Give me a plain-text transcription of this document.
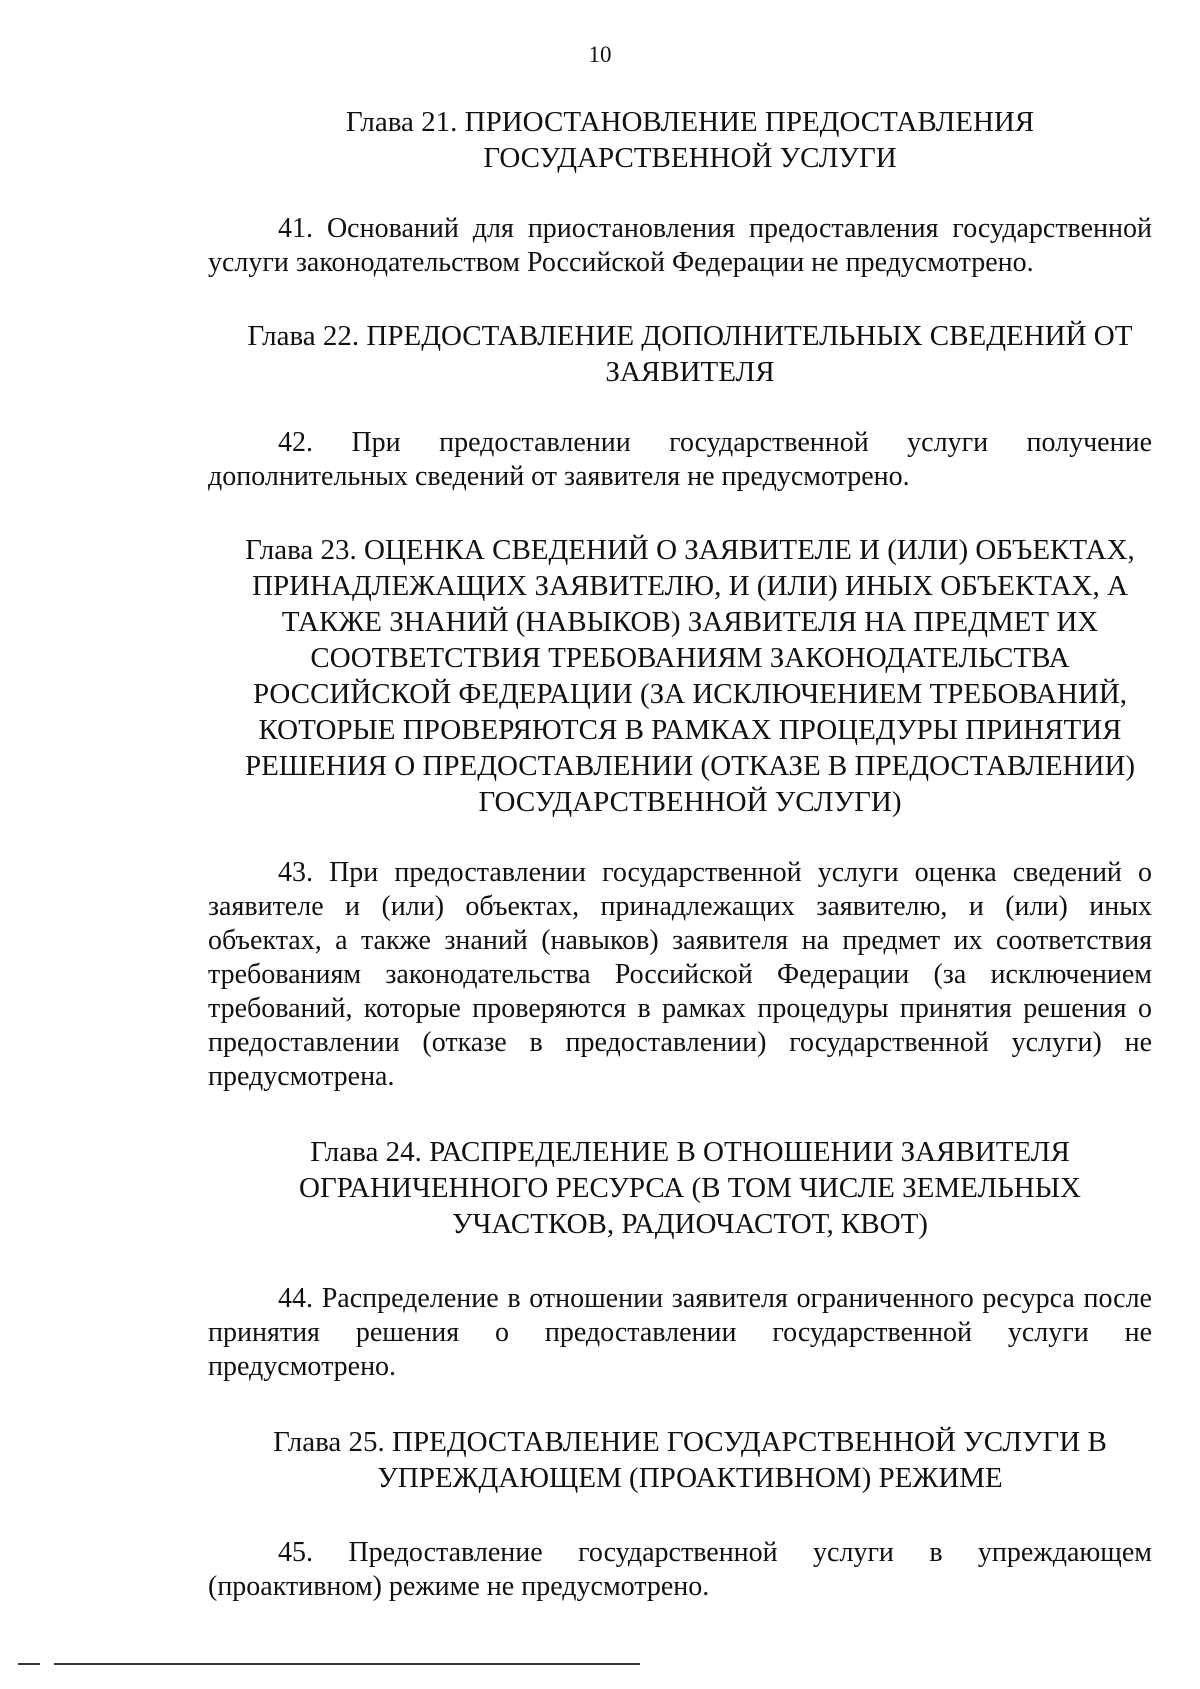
10
Глава 21. ПРИОСТАНОВЛЕНИЕ ПРЕДОСТАВЛЕНИЯ ГОСУДАРСТВЕННОЙ УСЛУГИ

41. Оснований для приостановления предоставления государственной услуги законодательством Российской Федерации не предусмотрено.

Глава 22. ПРЕДОСТАВЛЕНИЕ ДОПОЛНИТЕЛЬНЫХ СВЕДЕНИЙ ОТ ЗАЯВИТЕЛЯ

42. При предоставлении государственной услуги получение дополнительных сведений от заявителя не предусмотрено.

Глава 23. ОЦЕНКА СВЕДЕНИЙ О ЗАЯВИТЕЛЕ И (ИЛИ) ОБЪЕКТАХ, ПРИНАДЛЕЖАЩИХ ЗАЯВИТЕЛЮ, И (ИЛИ) ИНЫХ ОБЪЕКТАХ, А ТАКЖЕ ЗНАНИЙ (НАВЫКОВ) ЗАЯВИТЕЛЯ НА ПРЕДМЕТ ИХ СООТВЕТСТВИЯ ТРЕБОВАНИЯМ ЗАКОНОДАТЕЛЬСТВА РОССИЙСКОЙ ФЕДЕРАЦИИ (ЗА ИСКЛЮЧЕНИЕМ ТРЕБОВАНИЙ, КОТОРЫЕ ПРОВЕРЯЮТСЯ В РАМКАХ ПРОЦЕДУРЫ ПРИНЯТИЯ РЕШЕНИЯ О ПРЕДОСТАВЛЕНИИ (ОТКАЗЕ В ПРЕДОСТАВЛЕНИИ) ГОСУДАРСТВЕННОЙ УСЛУГИ)

43. При предоставлении государственной услуги оценка сведений о заявителе и (или) объектах, принадлежащих заявителю, и (или) иных объектах, а также знаний (навыков) заявителя на предмет их соответствия требованиям законодательства Российской Федерации (за исключением требований, которые проверяются в рамках процедуры принятия решения о предоставлении (отказе в предоставлении) государственной услуги) не предусмотрена.

Глава 24. РАСПРЕДЕЛЕНИЕ В ОТНОШЕНИИ ЗАЯВИТЕЛЯ ОГРАНИЧЕННОГО РЕСУРСА (В ТОМ ЧИСЛЕ ЗЕМЕЛЬНЫХ УЧАСТКОВ, РАДИОЧАСТОТ, КВОТ)

44. Распределение в отношении заявителя ограниченного ресурса после принятия решения о предоставлении государственной услуги не предусмотрено.

Глава 25. ПРЕДОСТАВЛЕНИЕ ГОСУДАРСТВЕННОЙ УСЛУГИ В УПРЕЖДАЮЩЕМ (ПРОАКТИВНОМ) РЕЖИМЕ

45. Предоставление государственной услуги в упреждающем (проактивном) режиме не предусмотрено.
